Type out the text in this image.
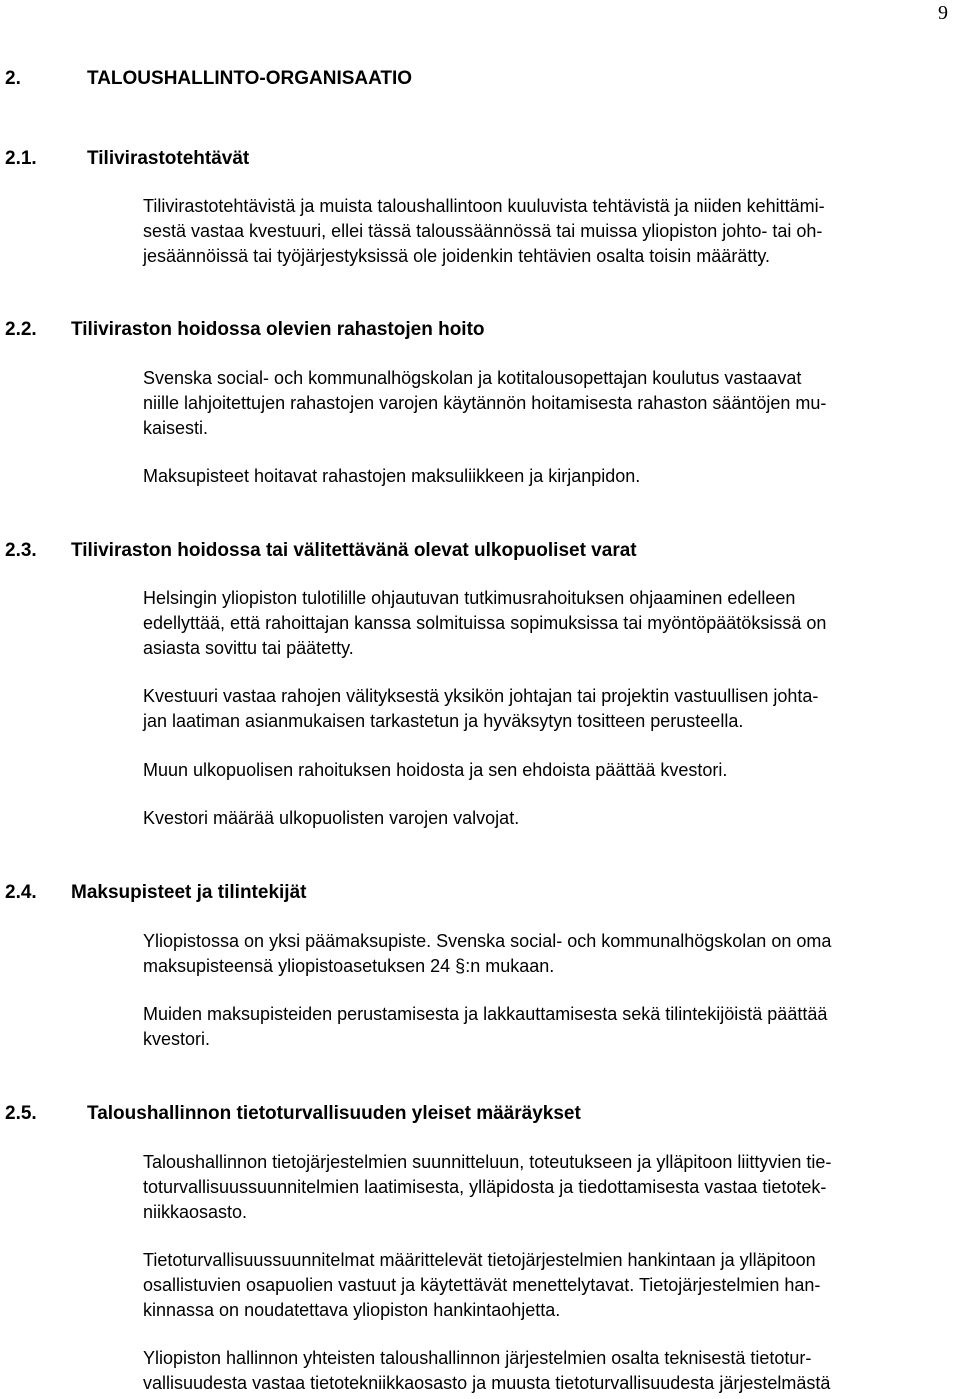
9
2.	TALOUSHALLINTO-ORGANISAATIO
2.1.	Tilivirastotehtävät
Tilivirastotehtävistä ja muista taloushallintoon kuuluvista tehtävistä ja niiden kehittämi-
sestä vastaa kvestuuri, ellei tässä taloussäännössä tai muissa yliopiston johto- tai oh-
jesäännöissä tai työjärjestyksissä ole joidenkin tehtävien osalta toisin määrätty.
2.2. Tiliviraston hoidossa olevien rahastojen hoito
Svenska social- och kommunalhögskolan ja kotitalousopettajan koulutus vastaavat
niille lahjoitettujen rahastojen varojen käytännön hoitamisesta rahaston sääntöjen mu-
kaisesti.
Maksupisteet hoitavat rahastojen maksuliikkeen ja kirjanpidon.
2.3. Tiliviraston hoidossa tai välitettävänä olevat ulkopuoliset varat
Helsingin yliopiston tulotilille ohjautuvan tutkimusrahoituksen ohjaaminen edelleen
edellyttää, että rahoittajan kanssa solmituissa sopimuksissa tai myöntöpäätöksissä on
asiasta sovittu tai päätetty.
Kvestuuri vastaa rahojen välityksestä yksikön johtajan tai projektin vastuullisen johta-
jan laatiman asianmukaisen tarkastetun ja hyväksytyn tositteen perusteella.
Muun ulkopuolisen rahoituksen hoidosta ja sen ehdoista päättää kvestori.
Kvestori määrää ulkopuolisten varojen valvojat.
2.4. Maksupisteet ja tilintekijät
Yliopistossa on yksi päämaksupiste. Svenska social- och kommunalhögskolan on oma
maksupisteensä yliopistoasetuksen 24 §:n mukaan.
Muiden maksupisteiden perustamisesta ja lakkauttamisesta sekä tilintekijöistä päättää
kvestori.
2.5.	Taloushallinnon tietoturvallisuuden yleiset määräykset
Taloushallinnon tietojärjestelmien suunnitteluun, toteutukseen ja ylläpitoon liittyvien tie-
toturvallisuussuunnitelmien laatimisesta, ylläpidosta ja tiedottamisesta vastaa tietotek-
niikkaosasto.
Tietoturvallisuussuunnitelmat määrittelevät tietojärjestelmien hankintaan ja ylläpitoon
osallistuvien osapuolien vastuut ja käytettävät menettelytavat. Tietojärjestelmien han-
kinnassa on noudatettava yliopiston hankintaohjetta.
Yliopiston hallinnon yhteisten taloushallinnon järjestelmien osalta teknisestä tietotur-
vallisuudesta vastaa tietotekniikkaosasto ja muusta tietoturvallisuudesta järjestelmästä
